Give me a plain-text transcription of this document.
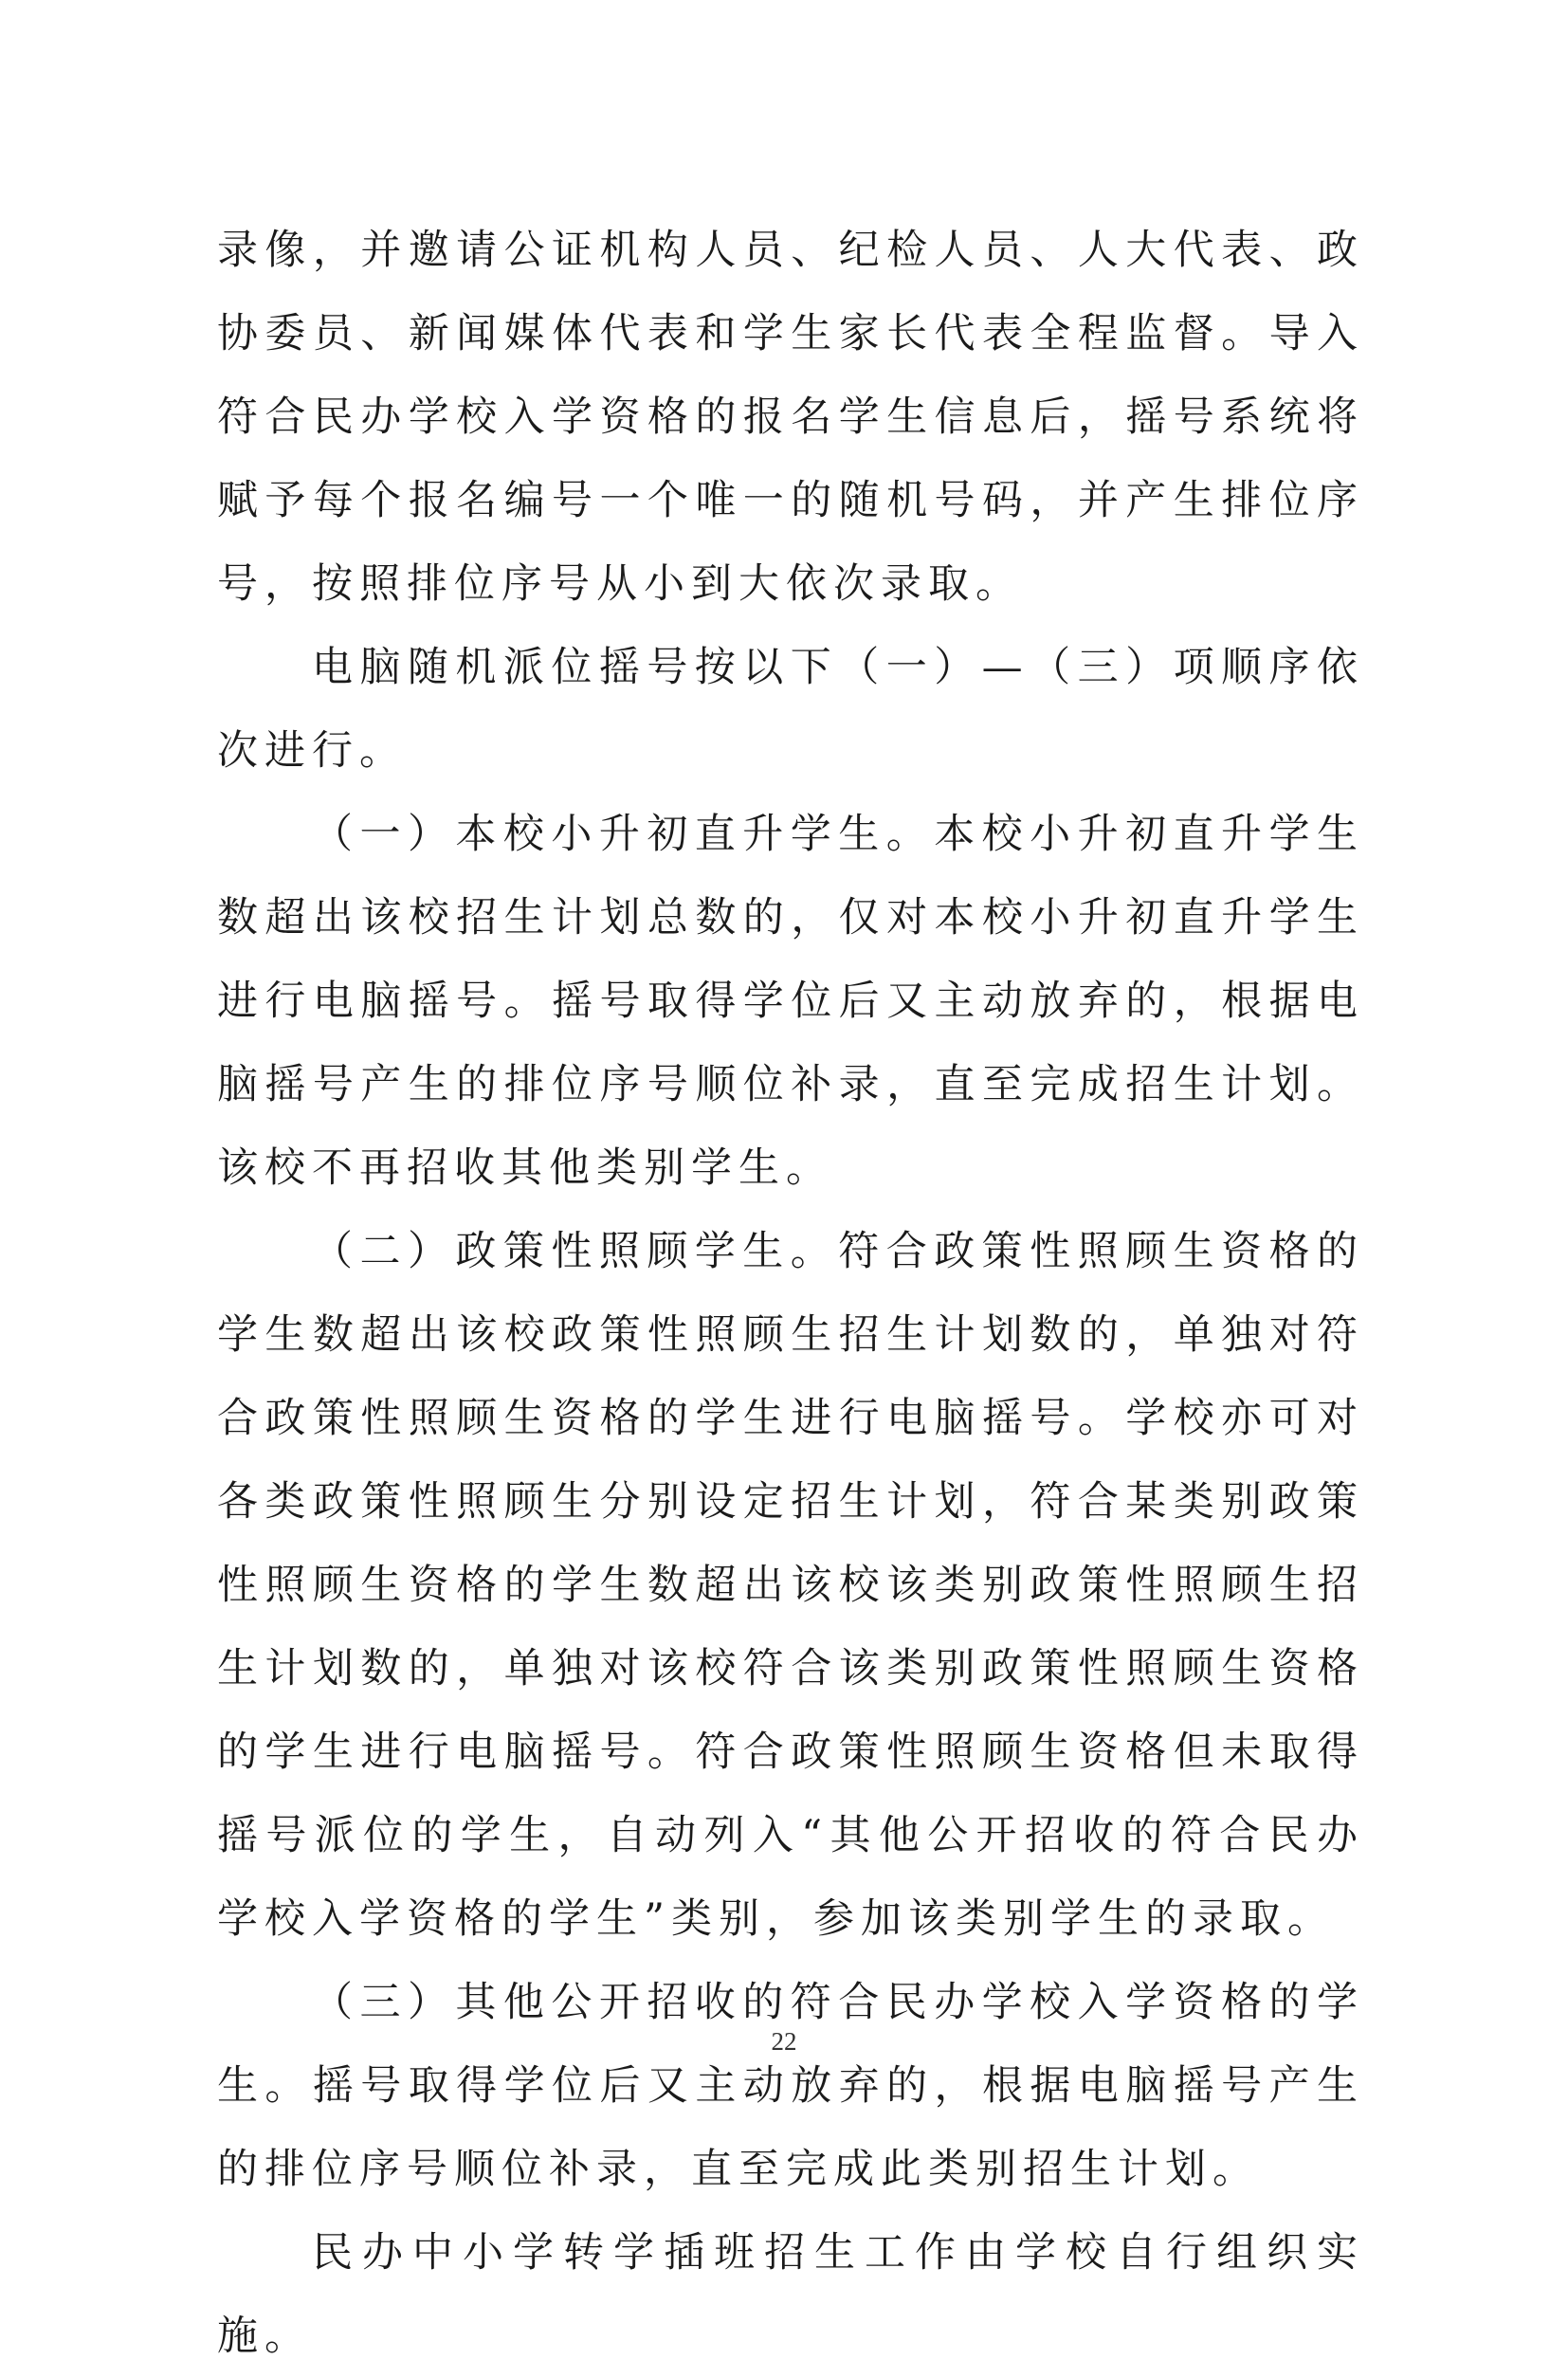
录像，并邀请公证机构人员、纪检人员、人大代表、政协委员、新闻媒体代表和学生家长代表全程监督。导入符合民办学校入学资格的报名学生信息后，摇号系统将赋予每个报名编号一个唯一的随机号码，并产生排位序号，按照排位序号从小到大依次录取。

电脑随机派位摇号按以下（一）—（三）项顺序依次进行。

（一）本校小升初直升学生。本校小升初直升学生数超出该校招生计划总数的，仅对本校小升初直升学生进行电脑摇号。摇号取得学位后又主动放弃的，根据电脑摇号产生的排位序号顺位补录，直至完成招生计划。该校不再招收其他类别学生。

（二）政策性照顾学生。符合政策性照顾生资格的学生数超出该校政策性照顾生招生计划数的，单独对符合政策性照顾生资格的学生进行电脑摇号。学校亦可对各类政策性照顾生分别设定招生计划，符合某类别政策性照顾生资格的学生数超出该校该类别政策性照顾生招生计划数的，单独对该校符合该类别政策性照顾生资格的学生进行电脑摇号。符合政策性照顾生资格但未取得摇号派位的学生，自动列入“其他公开招收的符合民办学校入学资格的学生”类别，参加该类别学生的录取。

（三）其他公开招收的符合民办学校入学资格的学生。摇号取得学位后又主动放弃的，根据电脑摇号产生的排位序号顺位补录，直至完成此类别招生计划。

民办中小学转学插班招生工作由学校自行组织实施。

22
